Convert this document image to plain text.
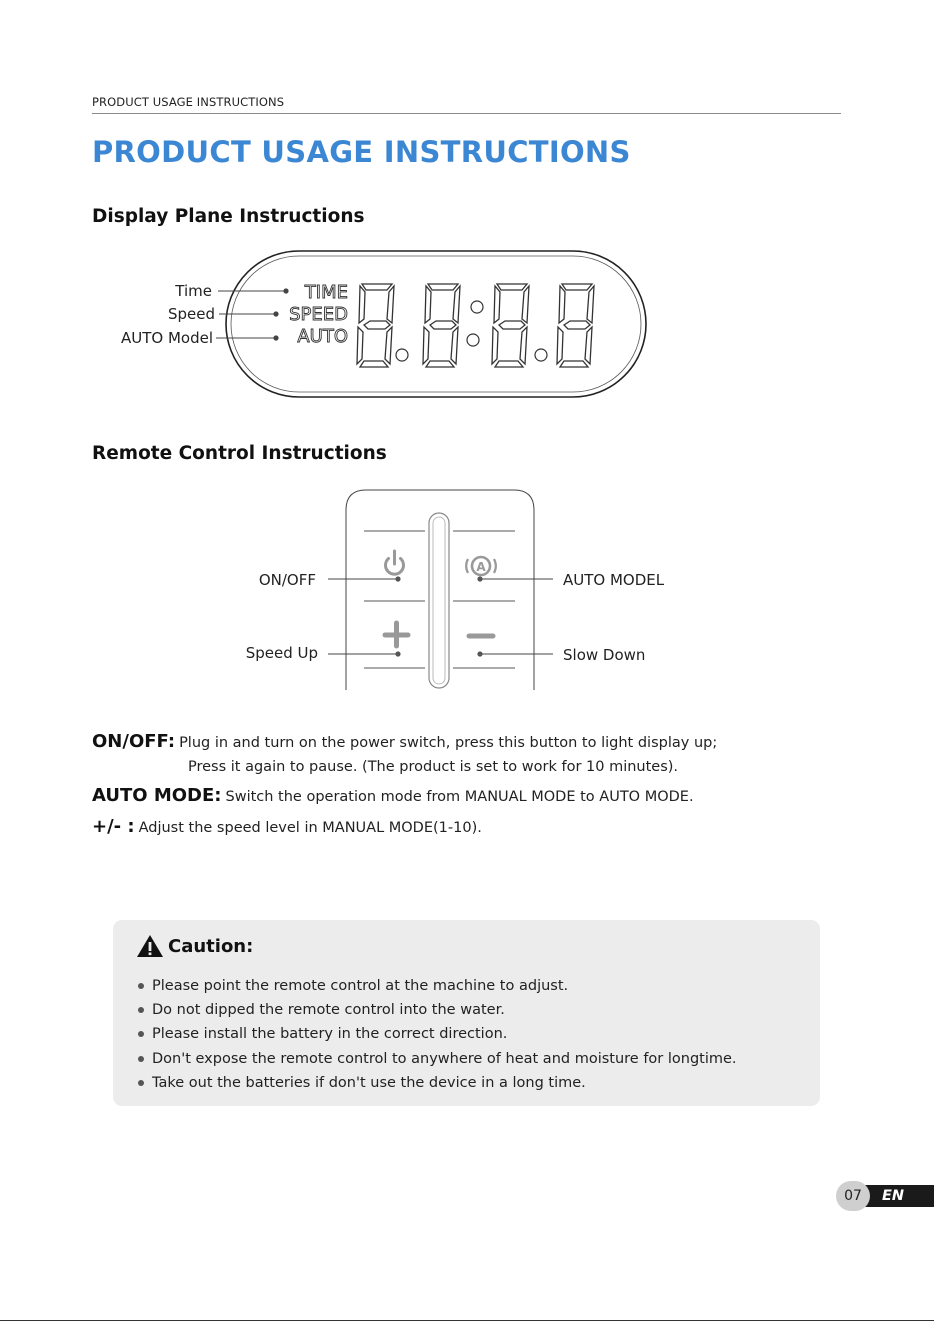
PRODUCT USAGE INSTRUCTIONS
PRODUCT USAGE INSTRUCTIONS
Display Plane Instructions
Time
Speed
AUTO Model
TIME
SPEED
AUTO
Remote Control Instructions
A
ON/OFF	AUTO MODEL
Speed Up	Slow Down
ON/OFF: Plug in and turn on the power switch, press this button to light display up;
Press it again to pause. (The product is set to work for 10 minutes).
AUTO MODE: Switch the operation mode from MANUAL MODE to AUTO MODE.
+/- : Adjust the speed level in MANUAL MODE(1-10).
Caution:
Please point the remote control at the machine to adjust.
Do not dipped the remote control into the water.
Please install the battery in the correct direction.
Don't expose the remote control to anywhere of heat and moisture for longtime.
Take out the batteries if don't use the device in a long time.
07	EN
